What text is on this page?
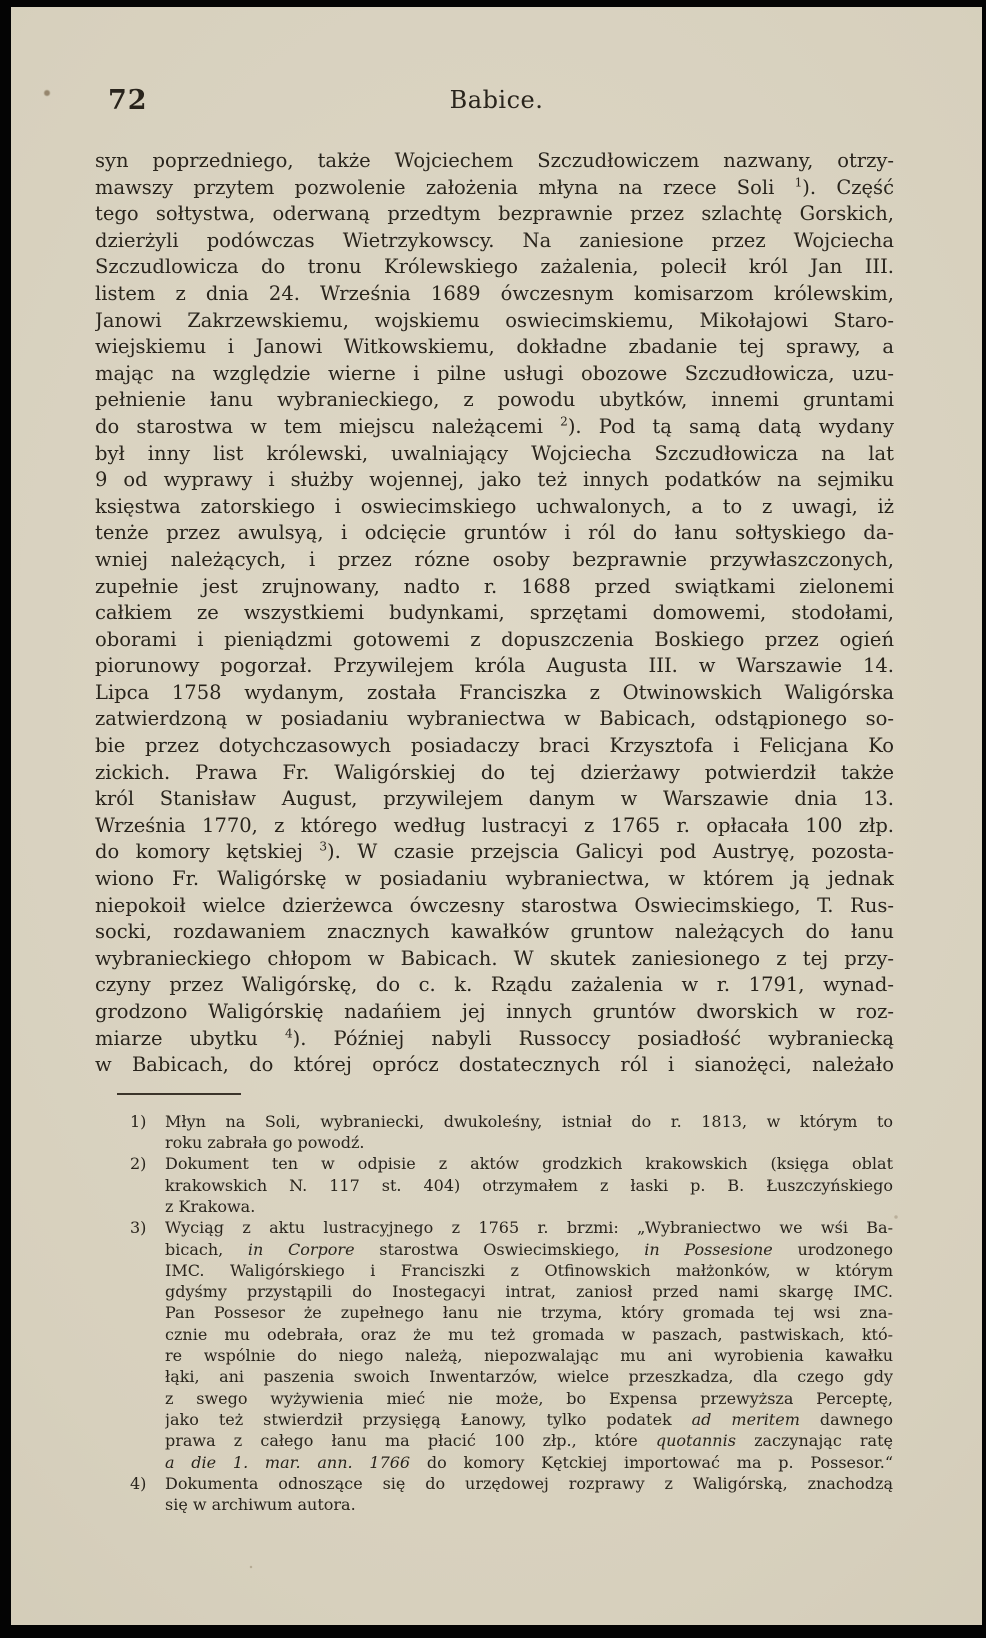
72	Babice.
syn poprzedniego, także Wojciechem Szczudłowiczem nazwany, otrzy-
mawszy przytem pozwolenie założenia młyna na rzece Soli $^1$). Część
tego sołtystwa, oderwaną przedtym bezprawnie przez szlachtę Gorskich,
dzierżyli podówczas Wietrzykowscy. Na zaniesione przez Wojciecha
Szczudlowicza do tronu Królewskiego zażalenia, polecił król Jan III.
listem z dnia 24. Września 1689 ówczesnym komisarzom królewskim,
Janowi Zakrzewskiemu, wojskiemu oswiecimskiemu, Mikołajowi Staro-
wiejskiemu i Janowi Witkowskiemu, dokładne zbadanie tej sprawy, a
mając na względzie wierne i pilne usługi obozowe Szczudłowicza, uzu-
pełnienie łanu wybranieckiego, z powodu ubytków, innemi gruntami
do starostwa w tem miejscu należącemi $^2$). Pod tą samą datą wydany
był inny list królewski, uwalniający Wojciecha Szczudłowicza na lat
9 od wyprawy i służby wojennej, jako też innych podatków na sejmiku
księstwa zatorskiego i oswiecimskiego uchwalonych, a to z uwagi, iż
tenże przez awulsyą, i odcięcie gruntów i ról do łanu sołtyskiego da-
wniej należących, i przez rózne osoby bezprawnie przywłaszczonych,
zupełnie jest zrujnowany, nadto r. 1688 przed swiątkami zielonemi
całkiem ze wszystkiemi budynkami, sprzętami domowemi, stodołami,
oborami i pieniądzmi gotowemi z dopuszczenia Boskiego przez ogień
piorunowy pogorzał. Przywilejem króla Augusta III. w Warszawie 14.
Lipca 1758 wydanym, została Franciszka z Otwinowskich Waligórska
zatwierdzoną w posiadaniu wybraniectwa w Babicach, odstąpionego so-
bie przez dotychczasowych posiadaczy braci Krzysztofa i Felicjana Ko
zickich. Prawa Fr. Waligórskiej do tej dzierżawy potwierdził także
król Stanisław August, przywilejem danym w Warszawie dnia 13.
Września 1770, z którego według lustracyi z 1765 r. opłacała 100 złp.
do komory kętskiej $^3$). W czasie przejscia Galicyi pod Austryę, pozosta-
wiono Fr. Waligórskę w posiadaniu wybraniectwa, w którem ją jednak
niepokoił wielce dzierżewca ówczesny starostwa Oswiecimskiego, T. Rus-
socki, rozdawaniem znacznych kawałków gruntow należących do łanu
wybranieckiego chłopom w Babicach. W skutek zaniesionego z tej przy-
czyny przez Waligórskę, do c. k. Rządu zażalenia w r. 1791, wynad-
grodzono Waligórskię nadańiem jej innych gruntów dworskich w roz-
miarze ubytku $^4$). Później nabyli Russoccy posiadłość wybraniecką
w Babicach, do której oprócz dostatecznych ról i sianożęci, należało
1)	Młyn na Soli, wybraniecki, dwukoleśny, istniał do r. 1813, w którym to
roku zabrała go powodź.
2)	Dokument ten w odpisie z aktów grodzkich krakowskich (księga oblat
krakowskich N. 117 st. 404) otrzymałem z łaski p. B. Łuszczyńskiego
z Krakowa.
3)	Wyciąg z aktu lustracyjnego z 1765 r. brzmi: „Wybraniectwo we wśi Ba-
bicach, in Corpore starostwa Oswiecimskiego, in Possesione urodzonego
IMC. Waligórskiego i Franciszki z Otfinowskich małżonków, w którym
gdyśmy przystąpili do Inostegacyi intrat, zaniosł przed nami skargę IMC.
Pan Possesor że zupełnego łanu nie trzyma, który gromada tej wsi zna-
cznie mu odebrała, oraz że mu też gromada w paszach, pastwiskach, któ-
re wspólnie do niego należą, niepozwalając mu ani wyrobienia kawałku
łąki, ani paszenia swoich Inwentarzów, wielce przeszkadza, dla czego gdy
z swego wyżywienia mieć nie może, bo Expensa przewyższa Perceptę,
jako też stwierdził przysięgą Łanowy, tylko podatek ad meritem dawnego
prawa z całego łanu ma płacić 100 złp., które quotannis zaczynając ratę
a die 1. mar. ann. 1766 do komory Kętckiej importować ma p. Possesor.“
4)	Dokumenta odnoszące się do urzędowej rozprawy z Waligórską, znachodzą
się w archiwum autora.
